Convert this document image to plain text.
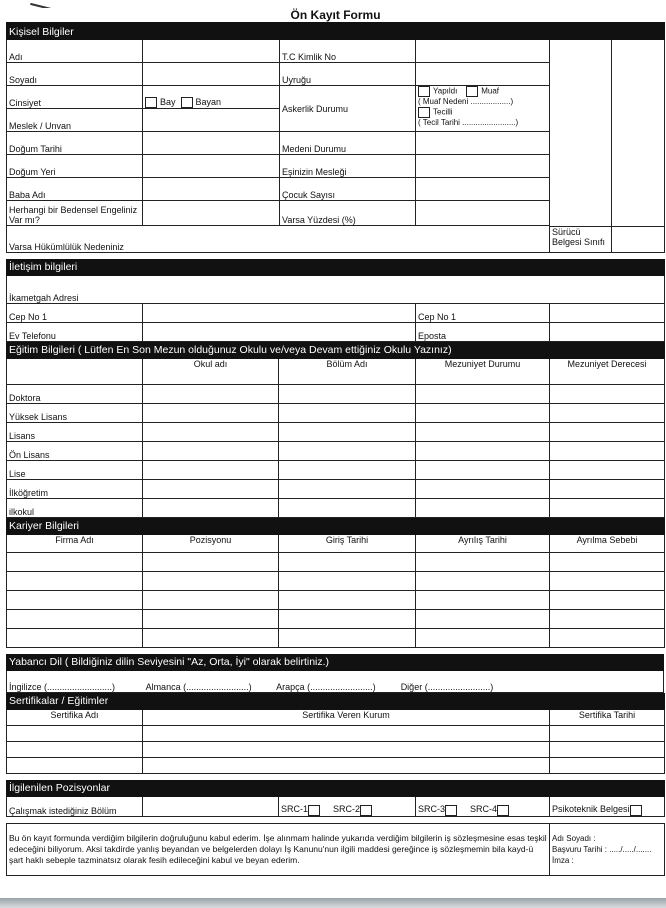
Ön Kayıt Formu					
Kişisel Bilgiler					
Adı		T.C Kimlik No			
Soyadı		Uyruğu			
Cinsiyet	Bay Bayan	Askerlik Durumu	Yapıldı Muaf
( Muaf Nedeni ..................)
Tecilli
( Tecil Tarihi ........................)		
Meslek / Unvan					
Doğum Tarihi		Medeni Durumu			
Doğum Yeri		Eşinizin Mesleği			
Baba Adı		Çocuk Sayısı			
Herhangi bir Bedensel Engeliniz Var mı?		Varsa Yüzdesi (%)			

Varsa Hükümlülük Nedeniniz	Sürücü Belgesi Sınıfı	

İletişim bilgileri			
İkametgah Adresi			
Cep No 1		Cep No 1	
Ev Telefonu		Eposta	
Eğitim Bilgileri ( Lütfen En Son Mezun olduğunuz Okulu ve/veya Devam ettiğiniz Okulu Yazınız)				
	Okul adı	Bölüm Adı	Mezuniyet Durumu	Mezuniyet Derecesi
Doktora				
Yüksek Lisans				
Lisans				
Ön Lisans				
Lise				
İlköğretim				
ilkokul				
Kariyer Bilgileri				
Firma Adı	Pozisyonu	Giriş Tarihi	Ayrılış Tarihi	Ayrılma Sebebi

Yabancı Dil ( Bildiğiniz dilin Seviyesini "Az, Orta, İyi" olarak belirtiniz.)
İngilizce (..........................)	Almanca (.........................)	Arapça (.........................)	Diğer (.........................)
Sertifikalar / Eğitimler		
Sertifika Adı	Sertifika Veren Kurum	Sertifika Tarihi

İlgilenilen Pozisyonlar
Çalışmak istediğiniz Bölüm		SRC-1	SRC-2	SRC-3	SRC-4	Psikoteknik Belgesi

Bu ön kayıt formunda verdiğim bilgilerin doğruluğunu kabul ederim. İşe alınmam halinde yukarıda verdiğim bilgilerin iş sözleşmesine esas teşkil edeceğini biliyorum. Aksi takdirde yanlış beyandan ve belgelerden dolayı İş Kanunu'nun ilgili maddesi gereğince iş sözleşmemin bila kayd-ü şart haklı sebeple tazminatsız olarak fesih edileceğini kabul ve beyan ederim.	
Adı Soyadı :
Başvuru Tarihi : ...../...../.......
İmza :
